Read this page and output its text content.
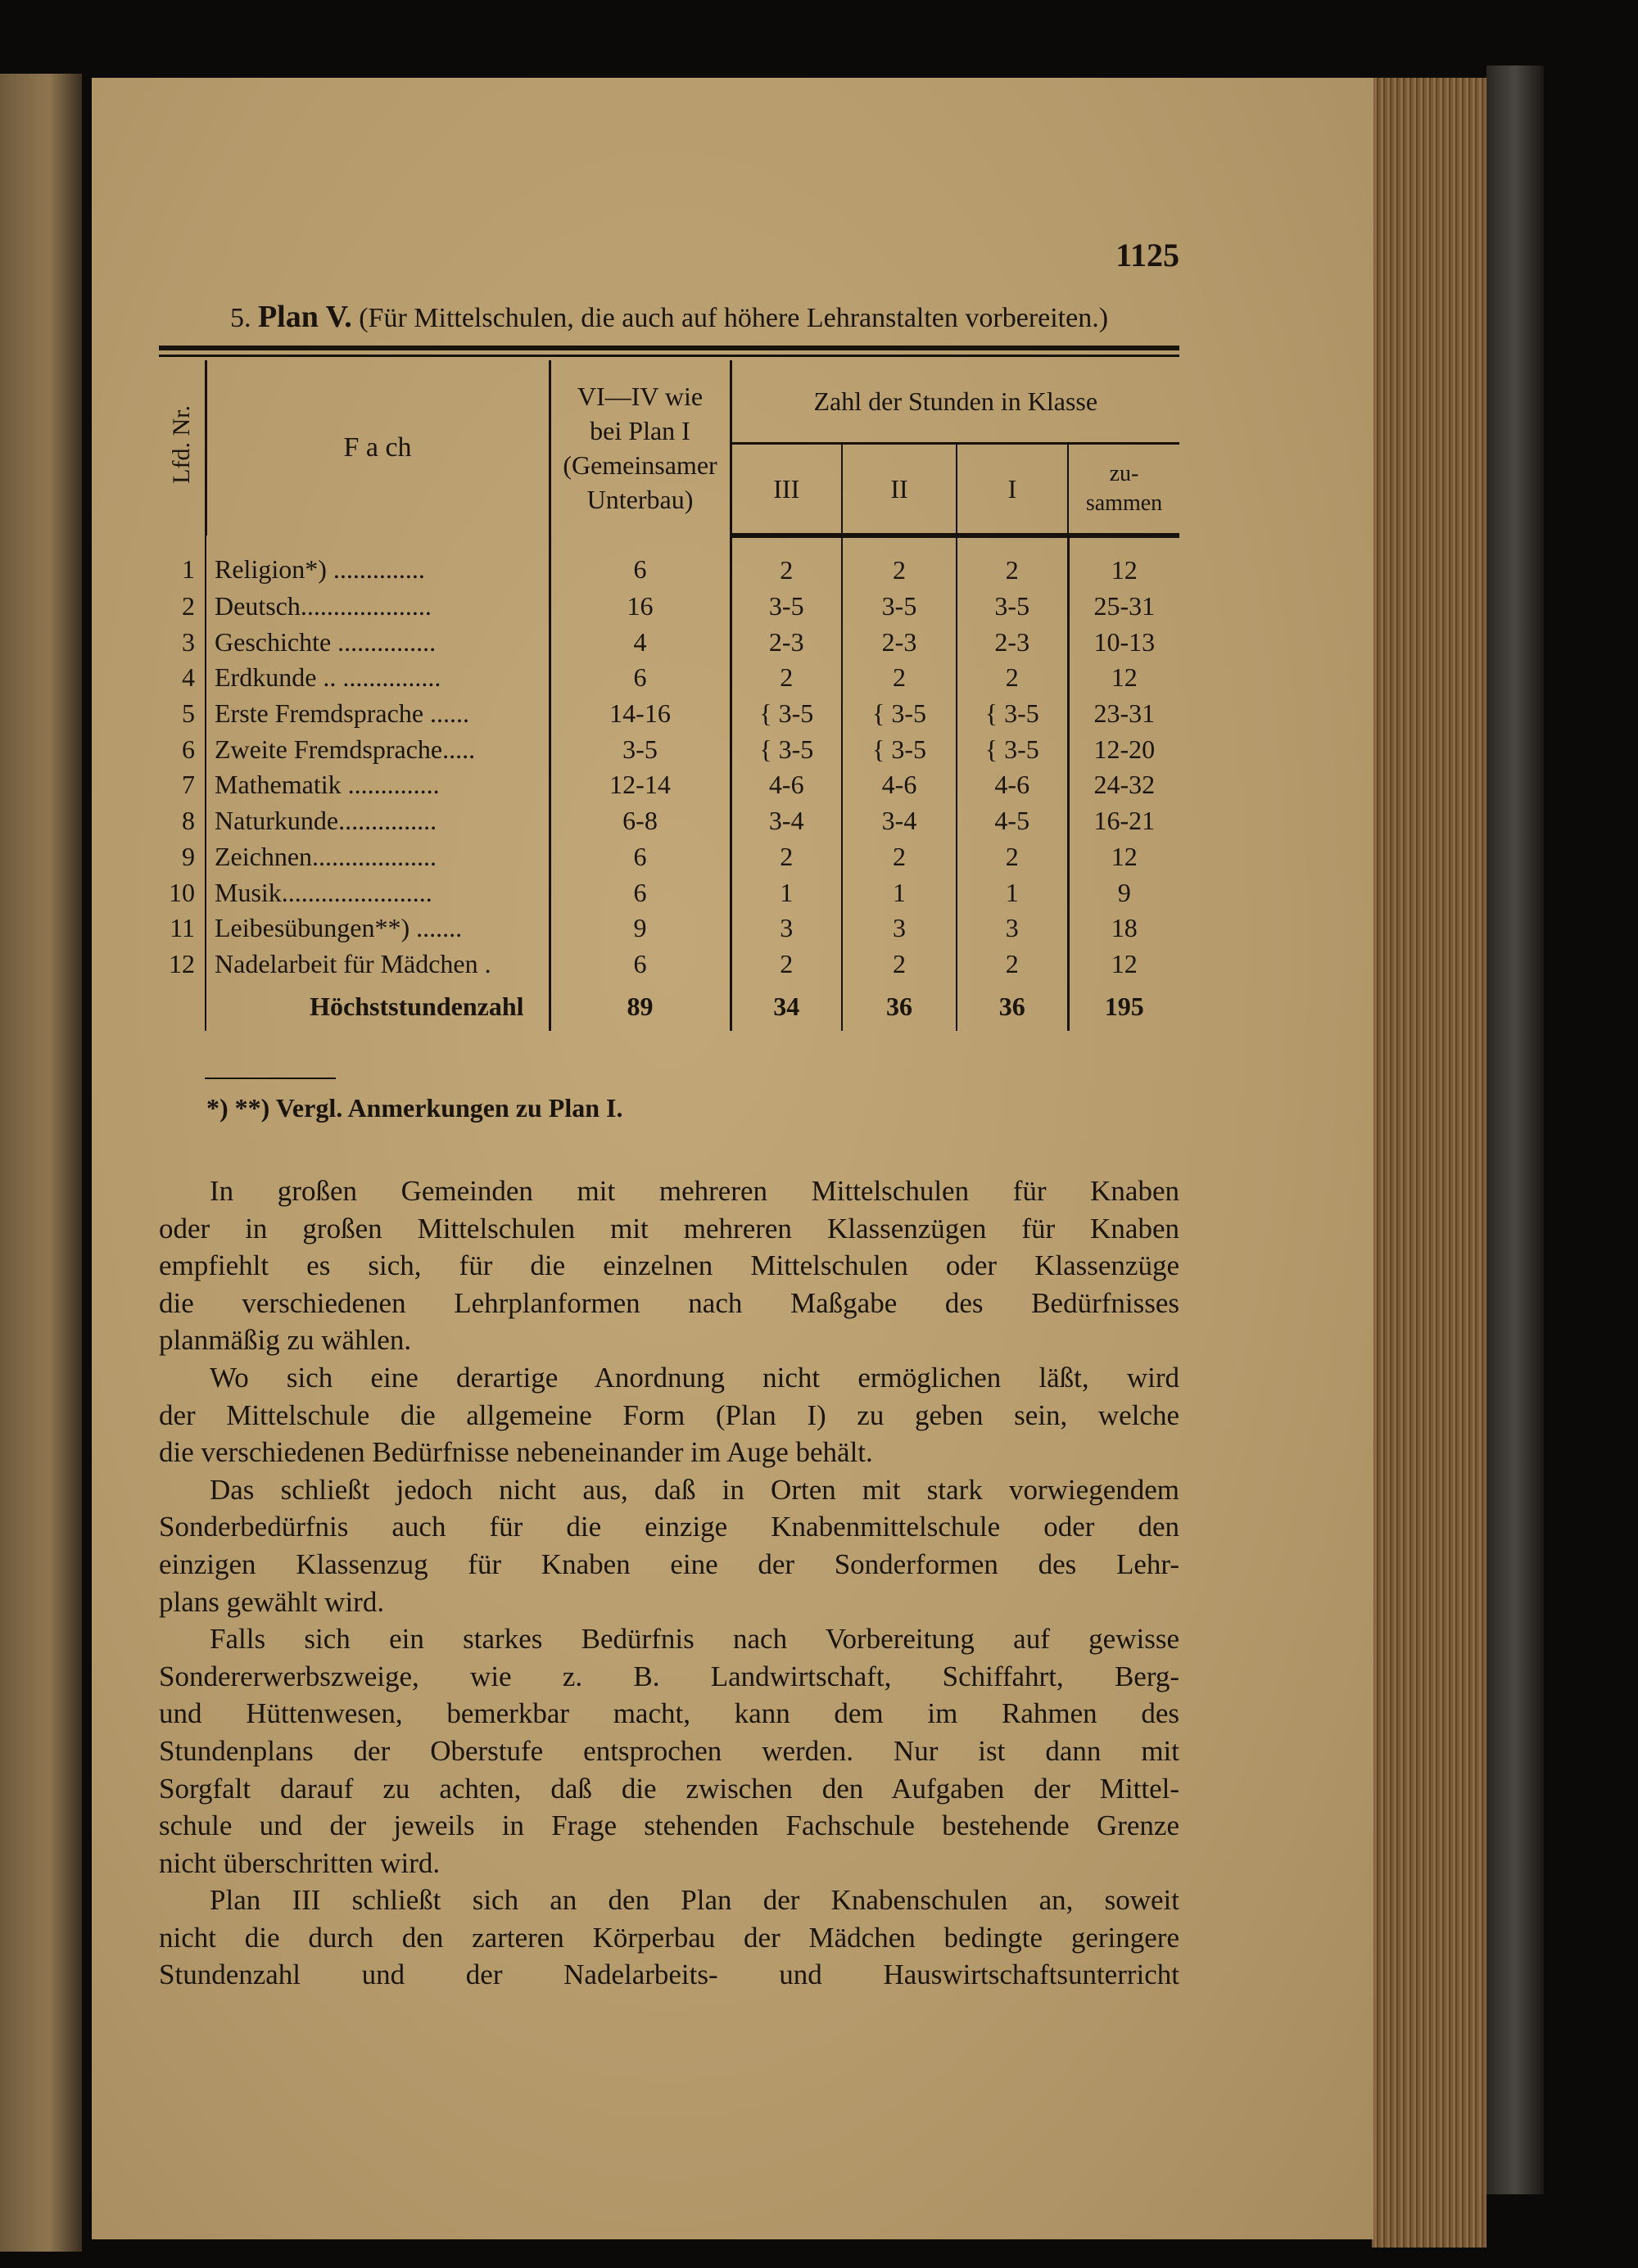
1125
5. Plan V. (Für Mittelschulen, die auch auf höhere Lehranstalten vorbereiten.)
Lfd. Nr.	F a ch	VI—IV wie
bei Plan I
(Gemeinsamer
Unterbau)	Zahl der Stunden in Klasse			
			III	II	I	zu-
sammen

1	Religion*) ..............	6	2	2	2	12
2	Deutsch....................	16	3-5	3-5	3-5	25-31
3	Geschichte ...............	4	2-3	2-3	2-3	10-13
4	Erdkunde .. ...............	6	2	2	2	12
5	Erste Fremdsprache ......	14-16	{ 3-5	{ 3-5	{ 3-5	23-31
6	Zweite Fremdsprache.....	3-5	{ 3-5	{ 3-5	{ 3-5	12-20
7	Mathematik ..............	12-14	4-6	4-6	4-6	24-32
8	Naturkunde...............	6-8	3-4	3-4	4-5	16-21
9	Zeichnen...................	6	2	2	2	12
10	Musik.......................	6	1	1	1	9
11	Leibesübungen**) .......	9	3	3	3	18
12	Nadelarbeit für Mädchen .	6	2	2	2	12
	Höchststundenzahl	89	34	36	36	195
*) **) Vergl. Anmerkungen zu Plan I.
In großen Gemeinden mit mehreren Mittelschulen für Knaben
oder in großen Mittelschulen mit mehreren Klassenzügen für Knaben
empfiehlt es sich, für die einzelnen Mittelschulen oder Klassenzüge
die verschiedenen Lehrplanformen nach Maßgabe des Bedürfnisses
planmäßig zu wählen.
Wo sich eine derartige Anordnung nicht ermöglichen läßt, wird
der Mittelschule die allgemeine Form (Plan I) zu geben sein, welche
die verschiedenen Bedürfnisse nebeneinander im Auge behält.
Das schließt jedoch nicht aus, daß in Orten mit stark vorwiegendem
Sonderbedürfnis auch für die einzige Knabenmittelschule oder den
einzigen Klassenzug für Knaben eine der Sonderformen des Lehr-
plans gewählt wird.
Falls sich ein starkes Bedürfnis nach Vorbereitung auf gewisse
Sondererwerbszweige, wie z. B. Landwirtschaft, Schiffahrt, Berg-
und Hüttenwesen, bemerkbar macht, kann dem im Rahmen des
Stundenplans der Oberstufe entsprochen werden. Nur ist dann mit
Sorgfalt darauf zu achten, daß die zwischen den Aufgaben der Mittel-
schule und der jeweils in Frage stehenden Fachschule bestehende Grenze
nicht überschritten wird.
Plan III schließt sich an den Plan der Knabenschulen an, soweit
nicht die durch den zarteren Körperbau der Mädchen bedingte geringere
Stundenzahl und der Nadelarbeits- und Hauswirtschaftsunterricht
